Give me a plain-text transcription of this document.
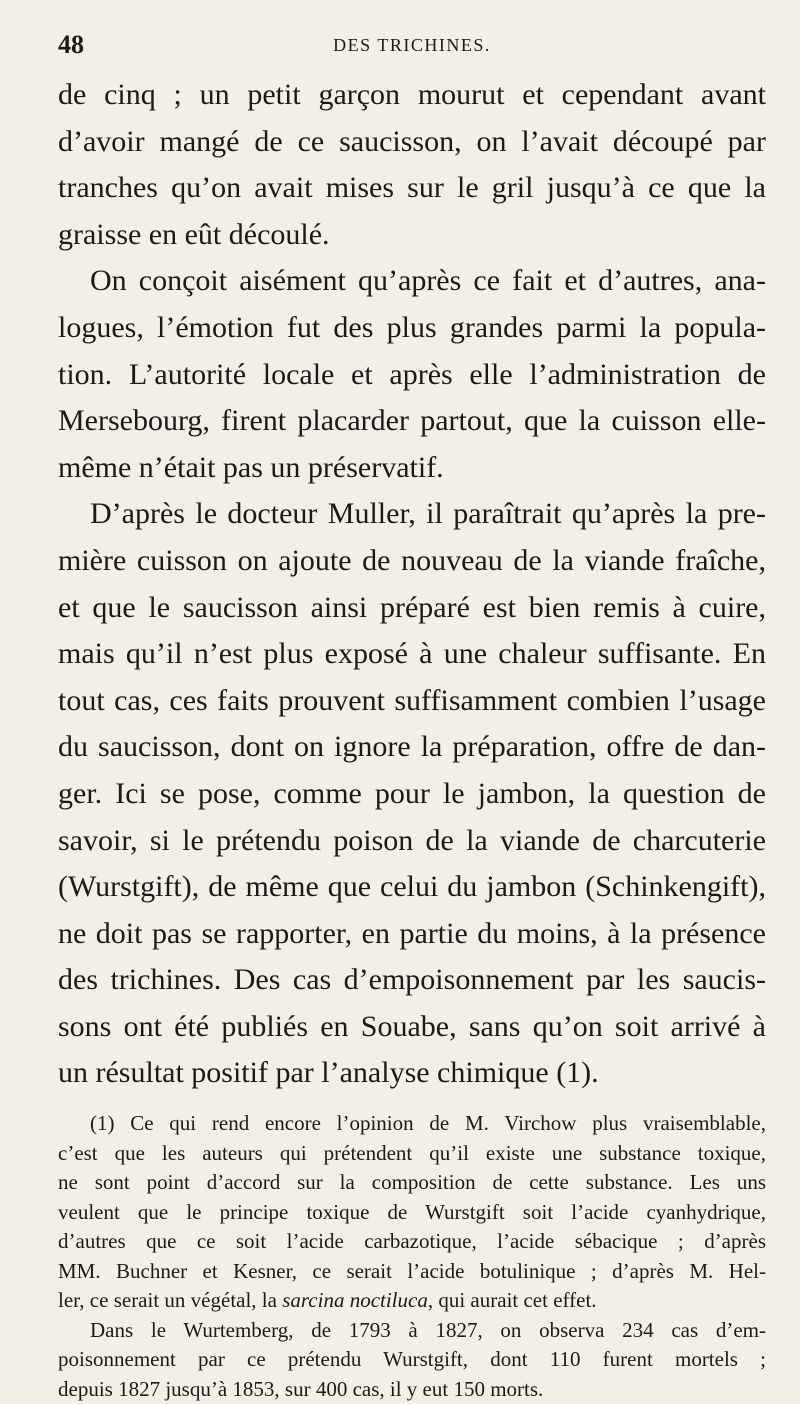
48	DES TRICHINES.
de cinq ; un petit garçon mourut et cependant avant
d’avoir mangé de ce saucisson, on l’avait découpé par
tranches qu’on avait mises sur le gril jusqu’à ce que la
graisse en eût découlé.
On conçoit aisément qu’après ce fait et d’autres, ana-
logues, l’émotion fut des plus grandes parmi la popula-
tion. L’autorité locale et après elle l’administration de
Mersebourg, firent placarder partout, que la cuisson elle-
même n’était pas un préservatif.
D’après le docteur Muller, il paraîtrait qu’après la pre-
mière cuisson on ajoute de nouveau de la viande fraîche,
et que le saucisson ainsi préparé est bien remis à cuire,
mais qu’il n’est plus exposé à une chaleur suffisante. En
tout cas, ces faits prouvent suffisamment combien l’usage
du saucisson, dont on ignore la préparation, offre de dan-
ger. Ici se pose, comme pour le jambon, la question de
savoir, si le prétendu poison de la viande de charcuterie
(Wurstgift), de même que celui du jambon (Schinkengift),
ne doit pas se rapporter, en partie du moins, à la présence
des trichines. Des cas d’empoisonnement par les saucis-
sons ont été publiés en Souabe, sans qu’on soit arrivé à
un résultat positif par l’analyse chimique (1).
(1) Ce qui rend encore l’opinion de M. Virchow plus vraisemblable,
c’est que les auteurs qui prétendent qu’il existe une substance toxique,
ne sont point d’accord sur la composition de cette substance. Les uns
veulent que le principe toxique de Wurstgift soit l’acide cyanhydrique,
d’autres que ce soit l’acide carbazotique, l’acide sébacique ; d’après
MM. Buchner et Kesner, ce serait l’acide botulinique ; d’après M. Hel-
ler, ce serait un végétal, la sarcina noctiluca, qui aurait cet effet.
Dans le Wurtemberg, de 1793 à 1827, on observa 234 cas d’em-
poisonnement par ce prétendu Wurstgift, dont 110 furent mortels ;
depuis 1827 jusqu’à 1853, sur 400 cas, il y eut 150 morts.
